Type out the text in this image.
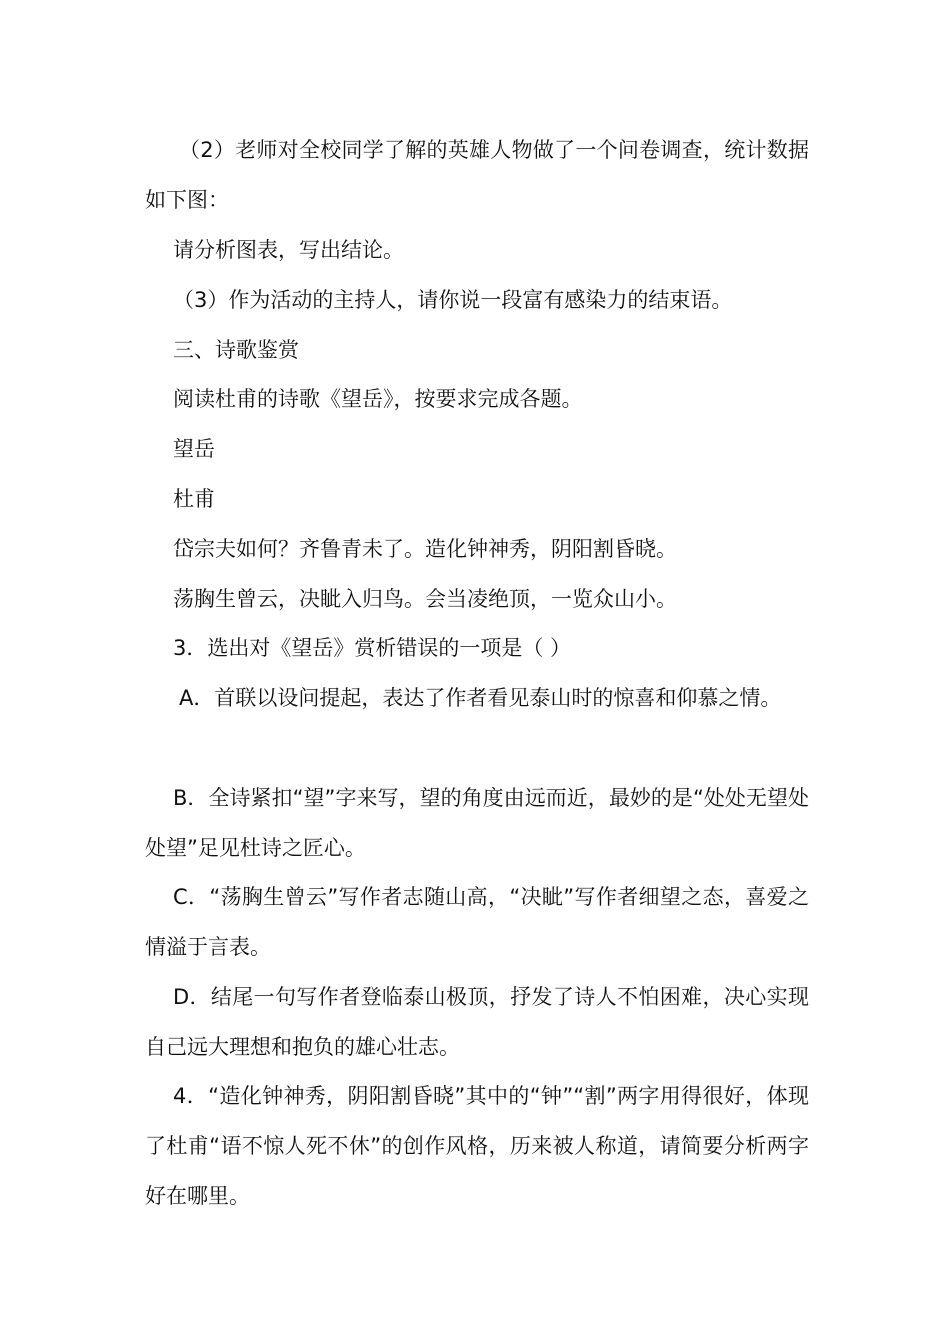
（2）老师对全校同学了解的英雄人物做了一个问卷调查，统计数据如下图：

请分析图表，写出结论。

（3）作为活动的主持人，请你说一段富有感染力的结束语。

三、诗歌鉴赏

阅读杜甫的诗歌《望岳》，按要求完成各题。

望岳

杜甫

岱宗夫如何？齐鲁青未了。造化钟神秀，阴阳割昏晓。

荡胸生曾云，决眦入归鸟。会当凌绝顶，一览众山小。

3．选出对《望岳》赏析错误的一项是（ ）

A．首联以设问提起，表达了作者看见泰山时的惊喜和仰慕之情。

B．全诗紧扣“望”字来写，望的角度由远而近，最妙的是“处处无望处处望”足见杜诗之匠心。

C．“荡胸生曾云”写作者志随山高，“决眦”写作者细望之态，喜爱之情溢于言表。

D．结尾一句写作者登临泰山极顶，抒发了诗人不怕困难，决心实现自己远大理想和抱负的雄心壮志。

4．“造化钟神秀，阴阳割昏晓”其中的“钟”“割”两字用得很好，体现了杜甫“语不惊人死不休”的创作风格，历来被人称道，请简要分析两字好在哪里。
